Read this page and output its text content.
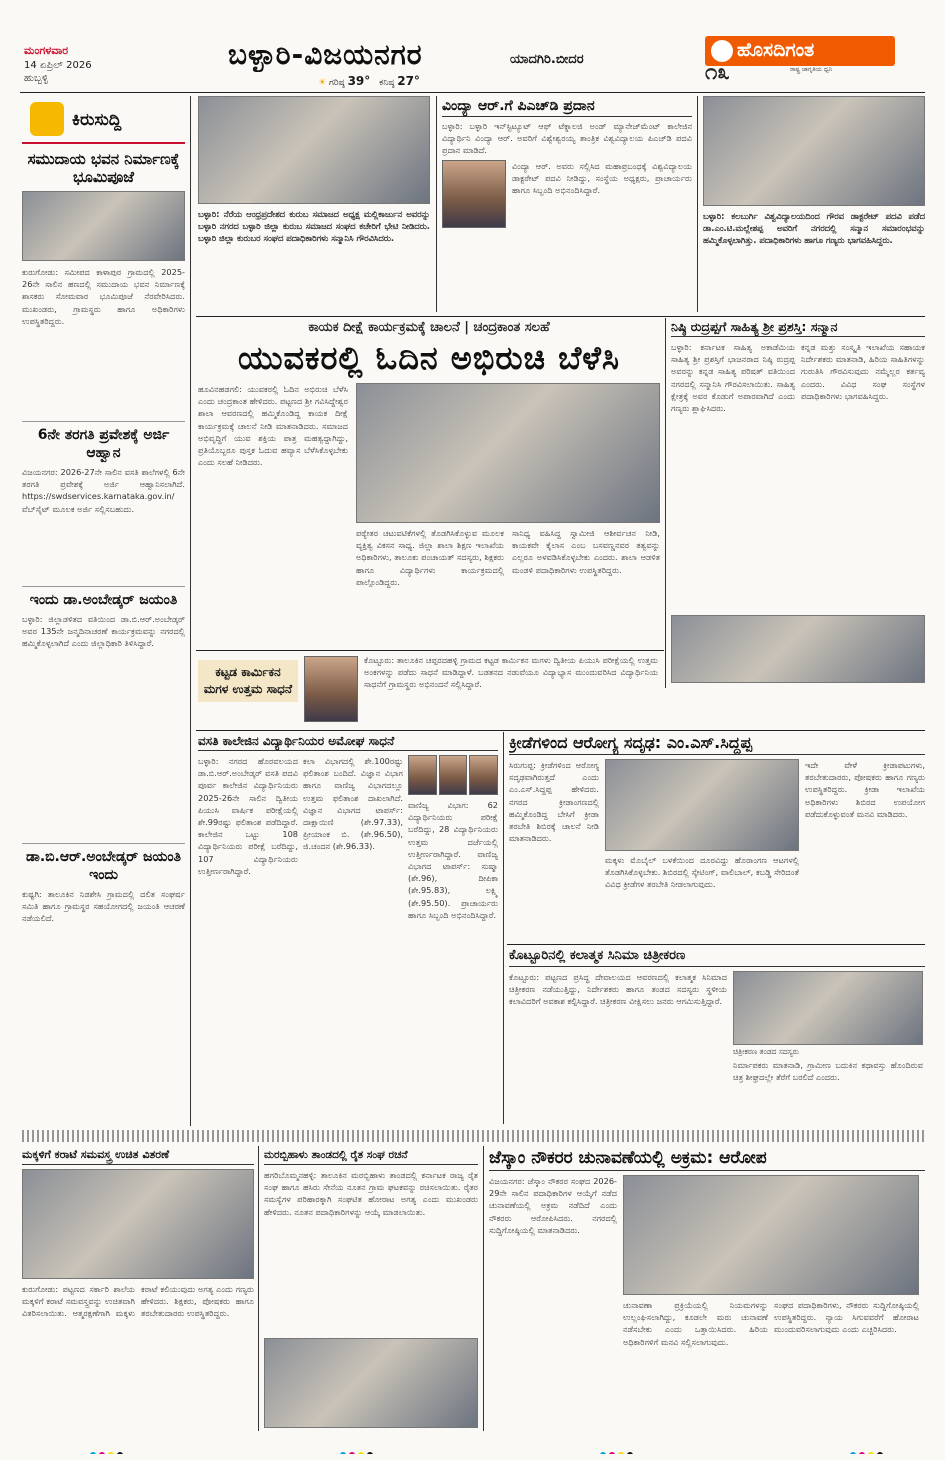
ಮಂಗಳವಾರ
14 ಏಪ್ರಿಲ್ 2026
ಹುಬ್ಬಳ್ಳಿ
ಬಳ್ಳಾರಿ-ವಿಜಯನಗರ	ಯಾದಗಿರಿ.ಬೀದರ
☀ ಗರಿಷ್ಠ 39° ಕನಿಷ್ಠ 27°
ಹೊಸದಿಗಂತ
ರಾಷ್ಟ್ರ ಜಾಗೃತಿಯ ಧ್ವನಿ
೧೩
ಕಿರುಸುದ್ದಿ
ಸಮುದಾಯ ಭವನ ನಿರ್ಮಾಣಕ್ಕೆ ಭೂಮಿಪೂಜೆ
ಕುರುಗೋಡು: ಸಮೀಪದ ಕಾಳಾಪುರ ಗ್ರಾಮದಲ್ಲಿ 2025-26ನೇ ಸಾಲಿನ ಹಣದಲ್ಲಿ ಸಮುದಾಯ ಭವನ ನಿರ್ಮಾಣಕ್ಕೆ ಶಾಸಕರು ಸೋಮವಾರ ಭೂಮಿಪೂಜೆ ನೆರವೇರಿಸಿದರು. ಮುಖಂಡರು, ಗ್ರಾಮಸ್ಥರು ಹಾಗೂ ಅಧಿಕಾರಿಗಳು ಉಪಸ್ಥಿತರಿದ್ದರು.
6ನೇ ತರಗತಿ ಪ್ರವೇಶಕ್ಕೆ ಅರ್ಜಿ ಆಹ್ವಾನ
ವಿಜಯನಗರ: 2026-27ನೇ ಸಾಲಿನ ವಸತಿ ಶಾಲೆಗಳಲ್ಲಿ 6ನೇ ತರಗತಿ ಪ್ರವೇಶಕ್ಕೆ ಅರ್ಜಿ ಆಹ್ವಾನಿಸಲಾಗಿದೆ. https://swdservices.karnataka.gov.in/ ವೆಬ್‌ಸೈಟ್ ಮೂಲಕ ಅರ್ಜಿ ಸಲ್ಲಿಸಬಹುದು.
ಇಂದು ಡಾ.ಅಂಬೇಡ್ಕರ್ ಜಯಂತಿ
ಬಳ್ಳಾರಿ: ಜಿಲ್ಲಾಡಳಿತದ ವತಿಯಿಂದ ಡಾ.ಬಿ.ಆರ್.ಅಂಬೇಡ್ಕರ್ ಅವರ 135ನೇ ಜನ್ಮದಿನಾಚರಣೆ ಕಾರ್ಯಕ್ರಮವನ್ನು ನಗರದಲ್ಲಿ ಹಮ್ಮಿಕೊಳ್ಳಲಾಗಿದೆ ಎಂದು ಜಿಲ್ಲಾಧಿಕಾರಿ ತಿಳಿಸಿದ್ದಾರೆ.
ಡಾ.ಬಿ.ಆರ್.ಅಂಬೇಡ್ಕರ್ ಜಯಂತಿ ಇಂದು
ಕುಷ್ಟಗಿ: ತಾಲೂಕಿನ ನಿಡಶೇಸಿ ಗ್ರಾಮದಲ್ಲಿ ದಲಿತ ಸಂಘರ್ಷ ಸಮಿತಿ ಹಾಗೂ ಗ್ರಾಮಸ್ಥರ ಸಹಯೋಗದಲ್ಲಿ ಜಯಂತಿ ಆಚರಣೆ ನಡೆಯಲಿದೆ.
ಬಳ್ಳಾರಿ: ನೆರೆಯ ಆಂಧ್ರಪ್ರದೇಶದ ಕುರುಬ ಸಮಾಜದ ಅಧ್ಯಕ್ಷ ಮಲ್ಲಿಕಾರ್ಜುನ ಅವರನ್ನು ಬಳ್ಳಾರಿ ನಗರದ ಬಳ್ಳಾರಿ ಜಿಲ್ಲಾ ಕುರುಬ ಸಮಾಜದ ಸಂಘದ ಕಚೇರಿಗೆ ಭೇಟಿ ನೀಡಿದರು. ಬಳ್ಳಾರಿ ಜಿಲ್ಲಾ ಕುರುಬರ ಸಂಘದ ಪದಾಧಿಕಾರಿಗಳು ಸನ್ಮಾನಿಸಿ ಗೌರವಿಸಿದರು.
ವಿಂದ್ಯಾ ಆರ್.ಗೆ ಪಿಎಚ್‌ಡಿ ಪ್ರದಾನ
ಬಳ್ಳಾರಿ: ಬಳ್ಳಾರಿ ಇನ್‌ಸ್ಟಿಟ್ಯೂಟ್ ಆಫ್ ಟೆಕ್ನಾಲಜಿ ಅಂಡ್ ಮ್ಯಾನೇಜ್‌ಮೆಂಟ್ ಕಾಲೇಜಿನ ವಿದ್ಯಾರ್ಥಿನಿ ವಿಂದ್ಯಾ ಆರ್. ಅವರಿಗೆ ವಿಶ್ವೇಶ್ವರಯ್ಯ ತಾಂತ್ರಿಕ ವಿಶ್ವವಿದ್ಯಾಲಯ ಪಿಎಚ್‌ಡಿ ಪದವಿ ಪ್ರದಾನ ಮಾಡಿದೆ.
ವಿಂದ್ಯಾ ಆರ್. ಅವರು ಸಲ್ಲಿಸಿದ ಮಹಾಪ್ರಬಂಧಕ್ಕೆ ವಿಶ್ವವಿದ್ಯಾಲಯ ಡಾಕ್ಟರೇಟ್ ಪದವಿ ನೀಡಿದ್ದು, ಸಂಸ್ಥೆಯ ಅಧ್ಯಕ್ಷರು, ಪ್ರಾಚಾರ್ಯರು ಹಾಗೂ ಸಿಬ್ಬಂದಿ ಅಭಿನಂದಿಸಿದ್ದಾರೆ.
ಬಳ್ಳಾರಿ: ಕಲಬುರ್ಗಿ ವಿಶ್ವವಿದ್ಯಾಲಯದಿಂದ ಗೌರವ ಡಾಕ್ಟರೇಟ್ ಪದವಿ ಪಡೆದ ಡಾ.ಎಂ.ಟಿ.ಮಲ್ಲೇಶಪ್ಪ ಅವರಿಗೆ ನಗರದಲ್ಲಿ ಸನ್ಮಾನ ಸಮಾರಂಭವನ್ನು ಹಮ್ಮಿಕೊಳ್ಳಲಾಗಿತ್ತು. ಪದಾಧಿಕಾರಿಗಳು ಹಾಗೂ ಗಣ್ಯರು ಭಾಗವಹಿಸಿದ್ದರು.
ಕಾಯಕ ದೀಕ್ಷೆ ಕಾರ್ಯಕ್ರಮಕ್ಕೆ ಚಾಲನೆ | ಚಂದ್ರಕಾಂತ ಸಲಹೆ
ಯುವಕರಲ್ಲಿ ಓದಿನ ಅಭಿರುಚಿ ಬೆಳೆಸಿ
ಹೂವಿನಹಡಗಲಿ: ಯುವಕರಲ್ಲಿ ಓದಿನ ಅಭಿರುಚಿ ಬೆಳೆಸಿ ಎಂದು ಚಂದ್ರಕಾಂತ ಹೇಳಿದರು. ಪಟ್ಟಣದ ಶ್ರೀ ಗವಿಸಿದ್ದೇಶ್ವರ ಶಾಲಾ ಆವರಣದಲ್ಲಿ ಹಮ್ಮಿಕೊಂಡಿದ್ದ ಕಾಯಕ ದೀಕ್ಷೆ ಕಾರ್ಯಕ್ರಮಕ್ಕೆ ಚಾಲನೆ ನೀಡಿ ಮಾತನಾಡಿದರು. ಸಮಾಜದ ಅಭಿವೃದ್ಧಿಗೆ ಯುವ ಶಕ್ತಿಯ ಪಾತ್ರ ಮಹತ್ವದ್ದಾಗಿದ್ದು, ಪ್ರತಿಯೊಬ್ಬರೂ ಪುಸ್ತಕ ಓದುವ ಹವ್ಯಾಸ ಬೆಳೆಸಿಕೊಳ್ಳಬೇಕು ಎಂದು ಸಲಹೆ ನೀಡಿದರು.
ಪಠ್ಯೇತರ ಚಟುವಟಿಕೆಗಳಲ್ಲಿ ತೊಡಗಿಸಿಕೊಳ್ಳುವ ಮೂಲಕ ವ್ಯಕ್ತಿತ್ವ ವಿಕಸನ ಸಾಧ್ಯ. ಜಿಲ್ಲಾ ಶಾಲಾ ಶಿಕ್ಷಣ ಇಲಾಖೆಯ ಅಧಿಕಾರಿಗಳು, ತಾಲೂಕು ಪಂಚಾಯತ್ ಸದಸ್ಯರು, ಶಿಕ್ಷಕರು ಹಾಗೂ ವಿದ್ಯಾರ್ಥಿಗಳು ಕಾರ್ಯಕ್ರಮದಲ್ಲಿ ಪಾಲ್ಗೊಂಡಿದ್ದರು.
ಸಾನಿಧ್ಯ ವಹಿಸಿದ್ದ ಸ್ವಾಮೀಜಿ ಆಶೀರ್ವಚನ ನೀಡಿ, ಕಾಯಕವೇ ಕೈಲಾಸ ಎಂಬ ಬಸವಣ್ಣನವರ ತತ್ವವನ್ನು ಎಲ್ಲರೂ ಅಳವಡಿಸಿಕೊಳ್ಳಬೇಕು ಎಂದರು. ಶಾಲಾ ಆಡಳಿತ ಮಂಡಳಿ ಪದಾಧಿಕಾರಿಗಳು ಉಪಸ್ಥಿತರಿದ್ದರು.
ನಿಷ್ಠಿ ರುದ್ರಪ್ಪಗೆ ಸಾಹಿತ್ಯ ಶ್ರೀ ಪ್ರಶಸ್ತಿ: ಸನ್ಮಾನ
ಬಳ್ಳಾರಿ: ಕರ್ನಾಟಕ ಸಾಹಿತ್ಯ ಅಕಾಡೆಮಿಯ ಸಾಹಿತ್ಯ ಶ್ರೀ ಪ್ರಶಸ್ತಿಗೆ ಭಾಜನರಾದ ನಿಷ್ಠಿ ರುದ್ರಪ್ಪ ಅವರನ್ನು ಕನ್ನಡ ಸಾಹಿತ್ಯ ಪರಿಷತ್ ವತಿಯಿಂದ ನಗರದಲ್ಲಿ ಸನ್ಮಾನಿಸಿ ಗೌರವಿಸಲಾಯಿತು. ಸಾಹಿತ್ಯ ಕ್ಷೇತ್ರಕ್ಕೆ ಅವರ ಕೊಡುಗೆ ಅಪಾರವಾಗಿದೆ ಎಂದು ಗಣ್ಯರು ಶ್ಲಾಘಿಸಿದರು.
ಕನ್ನಡ ಮತ್ತು ಸಂಸ್ಕೃತಿ ಇಲಾಖೆಯ ಸಹಾಯಕ ನಿರ್ದೇಶಕರು ಮಾತನಾಡಿ, ಹಿರಿಯ ಸಾಹಿತಿಗಳನ್ನು ಗುರುತಿಸಿ ಗೌರವಿಸುವುದು ನಮ್ಮೆಲ್ಲರ ಕರ್ತವ್ಯ ಎಂದರು. ವಿವಿಧ ಸಂಘ ಸಂಸ್ಥೆಗಳ ಪದಾಧಿಕಾರಿಗಳು ಭಾಗವಹಿಸಿದ್ದರು.
ಕಟ್ಟಡ ಕಾರ್ಮಿಕನ ಮಗಳ ಉತ್ತಮ ಸಾಧನೆ
ಕೊಟ್ಟೂರು: ತಾಲೂಕಿನ ಚಪ್ಪರದಹಳ್ಳಿ ಗ್ರಾಮದ ಕಟ್ಟಡ ಕಾರ್ಮಿಕನ ಮಗಳು ದ್ವಿತೀಯ ಪಿಯುಸಿ ಪರೀಕ್ಷೆಯಲ್ಲಿ ಉತ್ತಮ ಅಂಕಗಳನ್ನು ಪಡೆದು ಸಾಧನೆ ಮಾಡಿದ್ದಾಳೆ. ಬಡತನದ ನಡುವೆಯೂ ವಿದ್ಯಾಭ್ಯಾಸ ಮುಂದುವರಿಸಿದ ವಿದ್ಯಾರ್ಥಿನಿಯ ಸಾಧನೆಗೆ ಗ್ರಾಮಸ್ಥರು ಅಭಿನಂದನೆ ಸಲ್ಲಿಸಿದ್ದಾರೆ.
ವಸತಿ ಕಾಲೇಜಿನ ವಿದ್ಯಾರ್ಥಿನಿಯರ ಅಮೋಘ ಸಾಧನೆ
ಬಳ್ಳಾರಿ: ನಗರದ ಹೊರವಲಯದ ಡಾ.ಬಿ.ಆರ್.ಅಂಬೇಡ್ಕರ್ ವಸತಿ ಪದವಿ ಪೂರ್ವ ಕಾಲೇಜಿನ ವಿದ್ಯಾರ್ಥಿನಿಯರು 2025-26ನೇ ಸಾಲಿನ ದ್ವಿತೀಯ ಪಿಯುಸಿ ವಾರ್ಷಿಕ ಪರೀಕ್ಷೆಯಲ್ಲಿ ಶೇ.99ರಷ್ಟು ಫಲಿತಾಂಶ ಪಡೆದಿದ್ದಾರೆ. ಕಾಲೇಜಿನ ಒಟ್ಟು 108 ವಿದ್ಯಾರ್ಥಿನಿಯರು ಪರೀಕ್ಷೆ ಬರೆದಿದ್ದು, 107 ವಿದ್ಯಾರ್ಥಿನಿಯರು ಉತ್ತೀರ್ಣರಾಗಿದ್ದಾರೆ.
ಕಲಾ ವಿಭಾಗದಲ್ಲಿ ಶೇ.100ರಷ್ಟು ಫಲಿತಾಂಶ ಬಂದಿದೆ. ವಿಜ್ಞಾನ ವಿಭಾಗ ಹಾಗೂ ವಾಣಿಜ್ಯ ವಿಭಾಗದಲ್ಲೂ ಉತ್ತಮ ಫಲಿತಾಂಶ ದಾಖಲಾಗಿದೆ. ವಿಜ್ಞಾನ ವಿಭಾಗದ ಟಾಪರ್ಸ್: ದಾಕ್ಷಾಯಿಣಿ (ಶೇ.97.33), ಪ್ರೀಯಾಂಕ ಬಿ. (ಶೇ.96.50), ಜಿ.ಚಂದನ (ಶೇ.96.33).
ವಾಣಿಜ್ಯ ವಿಭಾಗ: 62 ವಿದ್ಯಾರ್ಥಿನಿಯರು ಪರೀಕ್ಷೆ ಬರೆದಿದ್ದು, 28 ವಿದ್ಯಾರ್ಥಿನಿಯರು ಉತ್ತಮ ದರ್ಜೆಯಲ್ಲಿ ಉತ್ತೀರ್ಣರಾಗಿದ್ದಾರೆ. ವಾಣಿಜ್ಯ ವಿಭಾಗದ ಟಾಪರ್ಸ್: ಸುಷ್ಮಾ (ಶೇ.96), ದೀಪಿಕಾ (ಶೇ.95.83), ಲಕ್ಷ್ಮಿ (ಶೇ.95.50). ಪ್ರಾಚಾರ್ಯರು ಹಾಗೂ ಸಿಬ್ಬಂದಿ ಅಭಿನಂದಿಸಿದ್ದಾರೆ.
ಕ್ರೀಡೆಗಳಿಂದ ಆರೋಗ್ಯ ಸದೃಢ: ಎಂ.ಎಸ್.ಸಿದ್ದಪ್ಪ
ಸಿರುಗುಪ್ಪ: ಕ್ರೀಡೆಗಳಿಂದ ಆರೋಗ್ಯ ಸದೃಢವಾಗಿರುತ್ತದೆ ಎಂದು ಎಂ.ಎಸ್.ಸಿದ್ದಪ್ಪ ಹೇಳಿದರು. ನಗರದ ಕ್ರೀಡಾಂಗಣದಲ್ಲಿ ಹಮ್ಮಿಕೊಂಡಿದ್ದ ಬೇಸಿಗೆ ಕ್ರೀಡಾ ತರಬೇತಿ ಶಿಬಿರಕ್ಕೆ ಚಾಲನೆ ನೀಡಿ ಮಾತನಾಡಿದರು.
ಮಕ್ಕಳು ಮೊಬೈಲ್ ಬಳಕೆಯಿಂದ ದೂರವಿದ್ದು ಹೊರಾಂಗಣ ಆಟಗಳಲ್ಲಿ ತೊಡಗಿಸಿಕೊಳ್ಳಬೇಕು. ಶಿಬಿರದಲ್ಲಿ ಸ್ಕೇಟಿಂಗ್, ವಾಲಿಬಾಲ್, ಕಬಡ್ಡಿ ಸೇರಿದಂತೆ ವಿವಿಧ ಕ್ರೀಡೆಗಳ ತರಬೇತಿ ನೀಡಲಾಗುವುದು.
ಇದೇ ವೇಳೆ ಕ್ರೀಡಾಪಟುಗಳು, ತರಬೇತುದಾರರು, ಪೋಷಕರು ಹಾಗೂ ಗಣ್ಯರು ಉಪಸ್ಥಿತರಿದ್ದರು. ಕ್ರೀಡಾ ಇಲಾಖೆಯ ಅಧಿಕಾರಿಗಳು ಶಿಬಿರದ ಉಪಯೋಗ ಪಡೆದುಕೊಳ್ಳುವಂತೆ ಮನವಿ ಮಾಡಿದರು.
ಕೊಟ್ಟೂರಿನಲ್ಲಿ ಕಲಾತ್ಮಕ ಸಿನಿಮಾ ಚಿತ್ರೀಕರಣ
ಕೊಟ್ಟೂರು: ಪಟ್ಟಣದ ಪ್ರಸಿದ್ಧ ದೇವಾಲಯದ ಆವರಣದಲ್ಲಿ ಕಲಾತ್ಮಕ ಸಿನಿಮಾದ ಚಿತ್ರೀಕರಣ ನಡೆಯುತ್ತಿದ್ದು, ನಿರ್ದೇಶಕರು ಹಾಗೂ ತಂಡದ ಸದಸ್ಯರು ಸ್ಥಳೀಯ ಕಲಾವಿದರಿಗೆ ಅವಕಾಶ ಕಲ್ಪಿಸಿದ್ದಾರೆ. ಚಿತ್ರೀಕರಣ ವೀಕ್ಷಿಸಲು ಜನರು ಆಗಮಿಸುತ್ತಿದ್ದಾರೆ.
ಚಿತ್ರೀಕರಣ ತಂಡದ ಸದಸ್ಯರು
ನಿರ್ಮಾಪಕರು ಮಾತನಾಡಿ, ಗ್ರಾಮೀಣ ಬದುಕಿನ ಕಥಾವಸ್ತು ಹೊಂದಿರುವ ಚಿತ್ರ ಶೀಘ್ರದಲ್ಲೇ ತೆರೆಗೆ ಬರಲಿದೆ ಎಂದರು.
ಮಕ್ಕಳಿಗೆ ಕರಾಟೆ ಸಮವಸ್ತ್ರ ಉಚಿತ ವಿತರಣೆ
ಕುರುಗೋಡು: ಪಟ್ಟಣದ ಸರ್ಕಾರಿ ಶಾಲೆಯ ಮಕ್ಕಳಿಗೆ ಕರಾಟೆ ಸಮವಸ್ತ್ರವನ್ನು ಉಚಿತವಾಗಿ ವಿತರಿಸಲಾಯಿತು. ಆತ್ಮರಕ್ಷಣೆಗಾಗಿ ಮಕ್ಕಳು ಕರಾಟೆ ಕಲಿಯುವುದು ಅಗತ್ಯ ಎಂದು ಗಣ್ಯರು ಹೇಳಿದರು. ಶಿಕ್ಷಕರು, ಪೋಷಕರು ಹಾಗೂ ತರಬೇತುದಾರರು ಉಪಸ್ಥಿತರಿದ್ದರು.
ಮರಬ್ಬಿಹಾಳು ತಾಂಡದಲ್ಲಿ ರೈತ ಸಂಘ ರಚನೆ
ಹಗರಿಬೊಮ್ಮನಹಳ್ಳಿ: ತಾಲೂಕಿನ ಮರಬ್ಬಿಹಾಳು ತಾಂಡದಲ್ಲಿ ಕರ್ನಾಟಕ ರಾಜ್ಯ ರೈತ ಸಂಘ ಹಾಗೂ ಹಸಿರು ಸೇನೆಯ ನೂತನ ಗ್ರಾಮ ಘಟಕವನ್ನು ರಚಿಸಲಾಯಿತು. ರೈತರ ಸಮಸ್ಯೆಗಳ ಪರಿಹಾರಕ್ಕಾಗಿ ಸಂಘಟಿತ ಹೋರಾಟ ಅಗತ್ಯ ಎಂದು ಮುಖಂಡರು ಹೇಳಿದರು. ನೂತನ ಪದಾಧಿಕಾರಿಗಳನ್ನು ಆಯ್ಕೆ ಮಾಡಲಾಯಿತು.
ಜೆಸ್ಕಾಂ ನೌಕರರ ಚುನಾವಣೆಯಲ್ಲಿ ಅಕ್ರಮ: ಆರೋಪ
ವಿಜಯನಗರ: ಜೆಸ್ಕಾಂ ನೌಕರರ ಸಂಘದ 2026-29ನೇ ಸಾಲಿನ ಪದಾಧಿಕಾರಿಗಳ ಆಯ್ಕೆಗೆ ನಡೆದ ಚುನಾವಣೆಯಲ್ಲಿ ಅಕ್ರಮ ನಡೆದಿದೆ ಎಂದು ನೌಕರರು ಆರೋಪಿಸಿದರು. ನಗರದಲ್ಲಿ ಸುದ್ದಿಗೋಷ್ಠಿಯಲ್ಲಿ ಮಾತನಾಡಿದರು.
ಚುನಾವಣಾ ಪ್ರಕ್ರಿಯೆಯಲ್ಲಿ ನಿಯಮಗಳನ್ನು ಉಲ್ಲಂಘಿಸಲಾಗಿದ್ದು, ಕೂಡಲೇ ಮರು ಚುನಾವಣೆ ನಡೆಸಬೇಕು ಎಂದು ಒತ್ತಾಯಿಸಿದರು. ಹಿರಿಯ ಅಧಿಕಾರಿಗಳಿಗೆ ಮನವಿ ಸಲ್ಲಿಸಲಾಗುವುದು.
ಸಂಘದ ಪದಾಧಿಕಾರಿಗಳು, ನೌಕರರು ಸುದ್ದಿಗೋಷ್ಠಿಯಲ್ಲಿ ಉಪಸ್ಥಿತರಿದ್ದರು. ನ್ಯಾಯ ಸಿಗುವವರೆಗೆ ಹೋರಾಟ ಮುಂದುವರಿಸಲಾಗುವುದು ಎಂದು ಎಚ್ಚರಿಸಿದರು.
